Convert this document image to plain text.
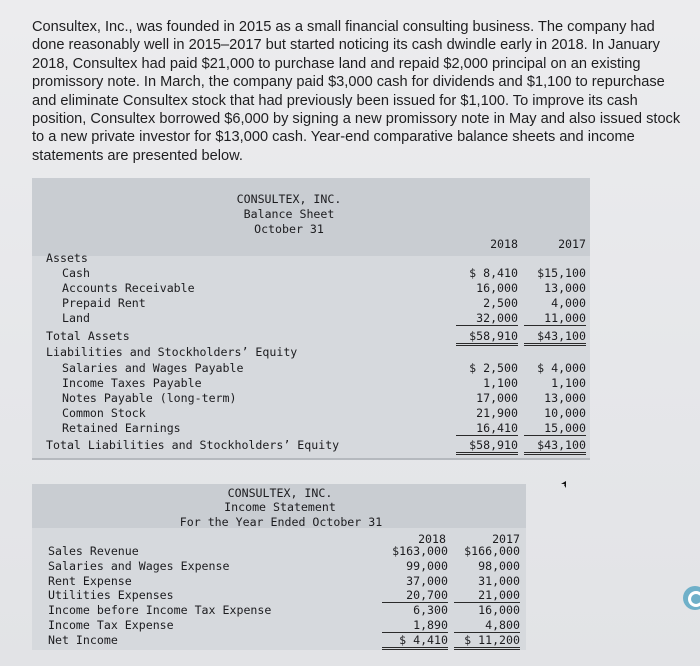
Consultex, Inc., was founded in 2015 as a small financial consulting business. The company had done reasonably well in 2015–2017 but started noticing its cash dwindle early in 2018. In January 2018, Consultex had paid $21,000 to purchase land and repaid $2,000 principal on an existing promissory note. In March, the company paid $3,000 cash for dividends and $1,100 to repurchase and eliminate Consultex stock that had previously been issued for $1,100. To improve its cash position, Consultex borrowed $6,000 by signing a new promissory note in May and also issued stock to a new private investor for $13,000 cash. Year-end comparative balance sheets and income statements are presented below.
CONSULTEX, INC.
Balance Sheet
October 31
2018	2017
Assets
Cash	$ 8,410	$15,100
Accounts Receivable	16,000	13,000
Prepaid Rent	2,500	4,000
Land	32,000	11,000
Total Assets	$58,910	$43,100
Liabilities and Stockholders’ Equity
Salaries and Wages Payable	$ 2,500	$ 4,000
Income Taxes Payable	1,100	1,100
Notes Payable (long-term)	17,000	13,000
Common Stock	21,900	10,000
Retained Earnings	16,410	15,000
Total Liabilities and Stockholders’ Equity	$58,910	$43,100
CONSULTEX, INC.
Income Statement
For the Year Ended October 31
2018	2017
Sales Revenue	$163,000	$166,000
Salaries and Wages Expense	99,000	98,000
Rent Expense	37,000	31,000
Utilities Expenses	20,700	21,000
Income before Income Tax Expense	6,300	16,000
Income Tax Expense	1,890	4,800
Net Income	$ 4,410	$ 11,200
